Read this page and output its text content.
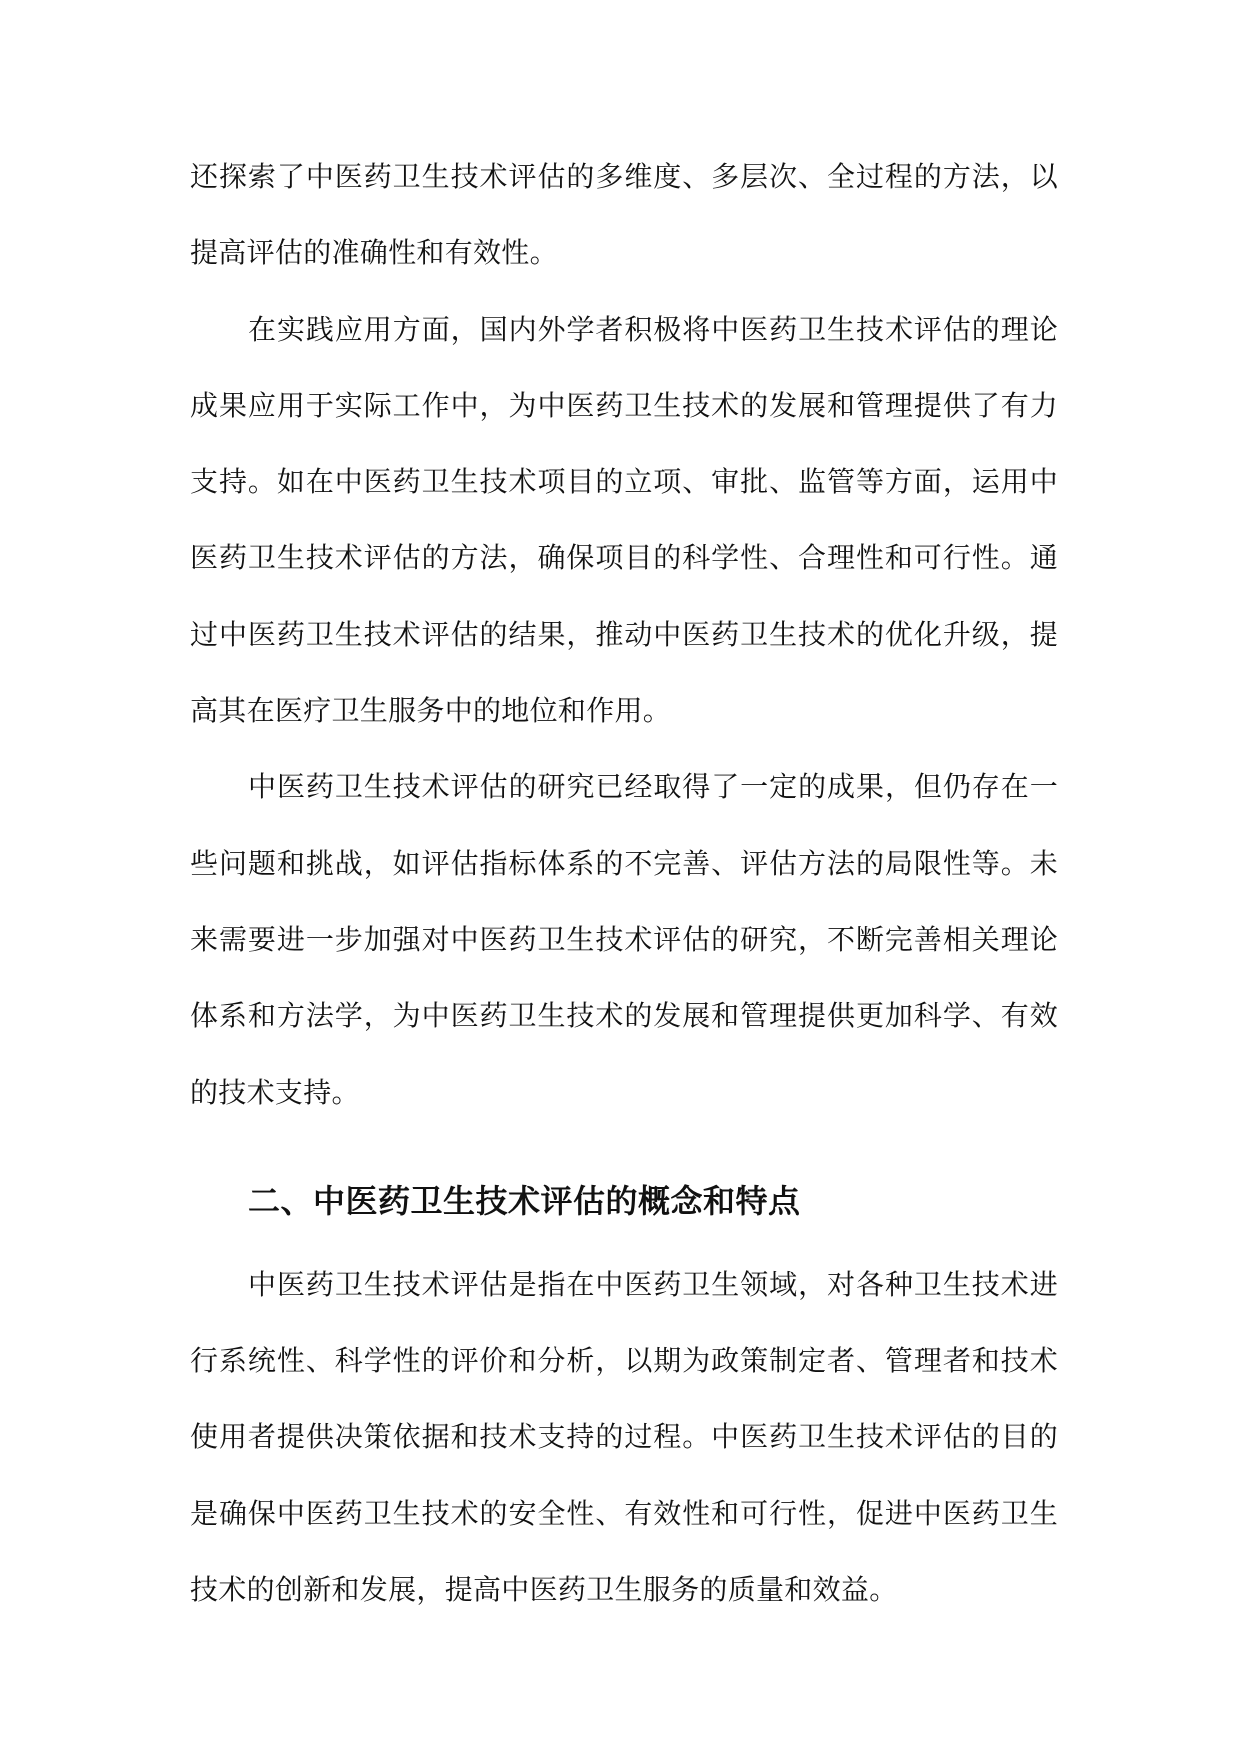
还探索了中医药卫生技术评估的多维度、多层次、全过程的方法，以提高评估的准确性和有效性。

在实践应用方面，国内外学者积极将中医药卫生技术评估的理论成果应用于实际工作中，为中医药卫生技术的发展和管理提供了有力支持。如在中医药卫生技术项目的立项、审批、监管等方面，运用中医药卫生技术评估的方法，确保项目的科学性、合理性和可行性。通过中医药卫生技术评估的结果，推动中医药卫生技术的优化升级，提高其在医疗卫生服务中的地位和作用。

中医药卫生技术评估的研究已经取得了一定的成果，但仍存在一些问题和挑战，如评估指标体系的不完善、评估方法的局限性等。未来需要进一步加强对中医药卫生技术评估的研究，不断完善相关理论体系和方法学，为中医药卫生技术的发展和管理提供更加科学、有效的技术支持。

二、中医药卫生技术评估的概念和特点

中医药卫生技术评估是指在中医药卫生领域，对各种卫生技术进行系统性、科学性的评价和分析，以期为政策制定者、管理者和技术使用者提供决策依据和技术支持的过程。中医药卫生技术评估的目的是确保中医药卫生技术的安全性、有效性和可行性，促进中医药卫生技术的创新和发展，提高中医药卫生服务的质量和效益。
